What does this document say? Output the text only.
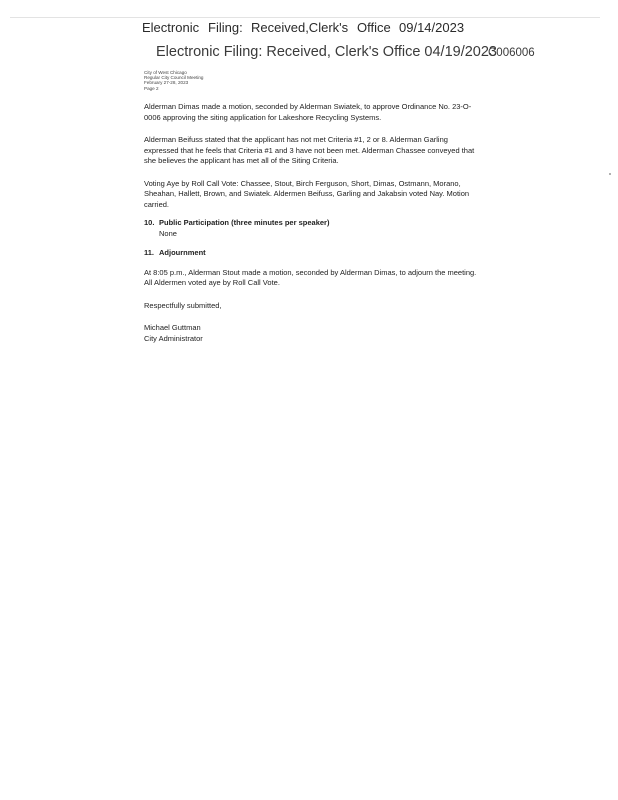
Electronic Filing: Received,Clerk's Office 09/14/2023
Electronic Filing: Received, Clerk's Office 04/19/2023
C006006
City of West Chicago
Regular City Council Meeting
February 27-28, 2023
Page 2

Alderman Dimas made a motion, seconded by Alderman Swiatek, to approve Ordinance No. 23-O-0006 approving the siting application for Lakeshore Recycling Systems.

Alderman Beifuss stated that the applicant has not met Criteria #1, 2 or 8. Alderman Garling expressed that he feels that Criteria #1 and 3 have not been met. Alderman Chassee conveyed that she believes the applicant has met all of the Siting Criteria.

Voting Aye by Roll Call Vote: Chassee, Stout, Birch Ferguson, Short, Dimas, Ostmann, Morano, Sheahan, Hallett, Brown, and Swiatek. Aldermen Beifuss, Garling and Jakabsin voted Nay. Motion carried.

10. Public Participation (three minutes per speaker)

None

11. Adjournment

At 8:05 p.m., Alderman Stout made a motion, seconded by Alderman Dimas, to adjourn the meeting. All Aldermen voted aye by Roll Call Vote.

Respectfully submitted,

Michael Guttman

City Administrator
